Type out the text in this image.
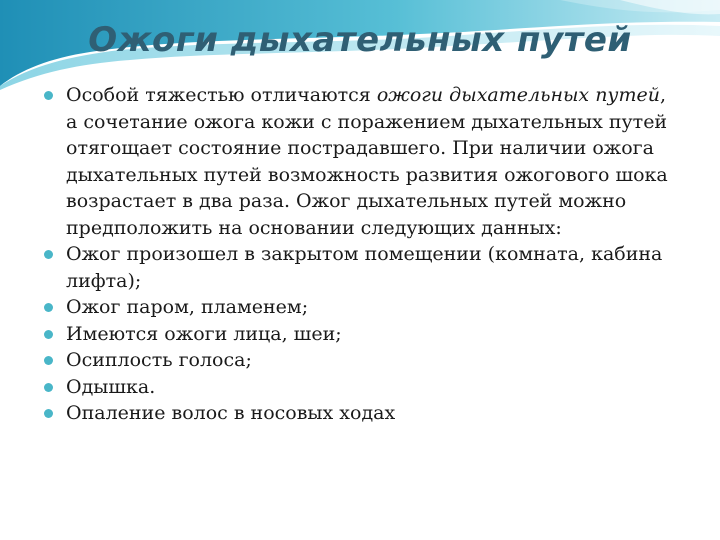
Ожоги дыхательных путей
Особой тяжестью отличаются ожоги дыхательных путей, а сочетание ожога кожи с поражением дыхательных путей отягощает состояние пострадавшего. При наличии ожога дыхательных путей возможность развития ожогового шока возрастает в два раза. Ожог дыхательных путей можно предположить на основании следующих данных:
Ожог произошел в закрытом помещении (комната, кабина лифта);
Ожог паром, пламенем;
Имеются ожоги лица, шеи;
Осиплость голоса;
Одышка.
Опаление волос в носовых ходах
